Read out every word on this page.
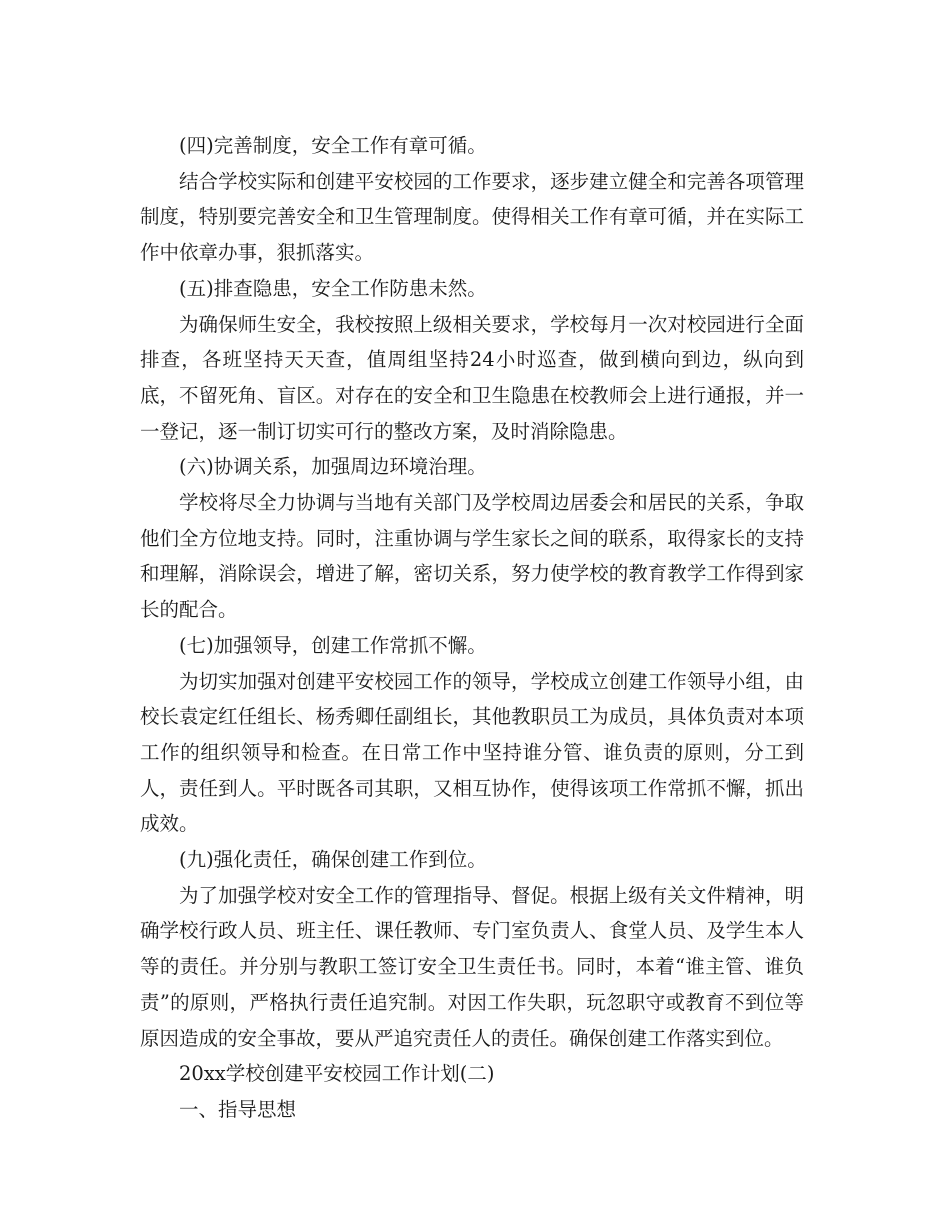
(四)完善制度，安全工作有章可循。

结合学校实际和创建平安校园的工作要求，逐步建立健全和完善各项管理制度，特别要完善安全和卫生管理制度。使得相关工作有章可循，并在实际工作中依章办事，狠抓落实。

(五)排查隐患，安全工作防患未然。

为确保师生安全，我校按照上级相关要求，学校每月一次对校园进行全面排查，各班坚持天天查，值周组坚持24小时巡查，做到横向到边，纵向到底，不留死角、盲区。对存在的安全和卫生隐患在校教师会上进行通报，并一一登记，逐一制订切实可行的整改方案，及时消除隐患。

(六)协调关系，加强周边环境治理。

学校将尽全力协调与当地有关部门及学校周边居委会和居民的关系，争取他们全方位地支持。同时，注重协调与学生家长之间的联系，取得家长的支持和理解，消除误会，增进了解，密切关系，努力使学校的教育教学工作得到家长的配合。

(七)加强领导，创建工作常抓不懈。

为切实加强对创建平安校园工作的领导，学校成立创建工作领导小组，由校长袁定红任组长、杨秀卿任副组长，其他教职员工为成员，具体负责对本项工作的组织领导和检查。在日常工作中坚持谁分管、谁负责的原则，分工到人，责任到人。平时既各司其职，又相互协作，使得该项工作常抓不懈，抓出成效。

(九)强化责任，确保创建工作到位。

为了加强学校对安全工作的管理指导、督促。根据上级有关文件精神，明确学校行政人员、班主任、课任教师、专门室负责人、食堂人员、及学生本人等的责任。并分别与教职工签订安全卫生责任书。同时，本着“谁主管、谁负责”的原则，严格执行责任追究制。对因工作失职，玩忽职守或教育不到位等原因造成的安全事故，要从严追究责任人的责任。确保创建工作落实到位。

20xx学校创建平安校园工作计划(二)

一、指导思想
